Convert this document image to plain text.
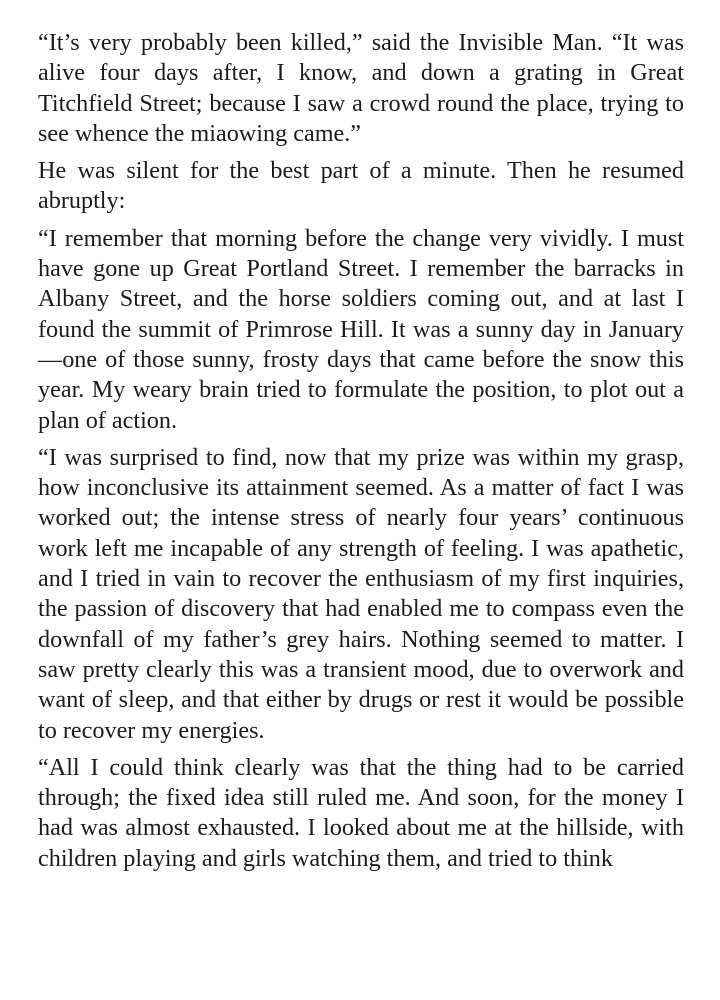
“It’s very probably been killed,” said the Invisible Man. “It was alive four days after, I know, and down a grating in Great Titchfield Street; because I saw a crowd round the place, trying to see whence the miaowing came.”

He was silent for the best part of a minute. Then he resumed abruptly:

“I remember that morning before the change very vividly. I must have gone up Great Portland Street. I remember the barracks in Albany Street, and the horse soldiers coming out, and at last I found the summit of Primrose Hill. It was a sunny day in January—one of those sunny, frosty days that came before the snow this year. My weary brain tried to formulate the position, to plot out a plan of action.

“I was surprised to find, now that my prize was within my grasp, how inconclusive its attainment seemed. As a matter of fact I was worked out; the intense stress of nearly four years’ continuous work left me incapable of any strength of feeling. I was apathetic, and I tried in vain to recover the enthusiasm of my first inquiries, the passion of discovery that had enabled me to compass even the downfall of my father’s grey hairs. Nothing seemed to matter. I saw pretty clearly this was a transient mood, due to overwork and want of sleep, and that either by drugs or rest it would be possible to recover my energies.

“All I could think clearly was that the thing had to be carried through; the fixed idea still ruled me. And soon, for the money I had was almost exhausted. I looked about me at the hillside, with children playing and girls watching them, and tried to think
